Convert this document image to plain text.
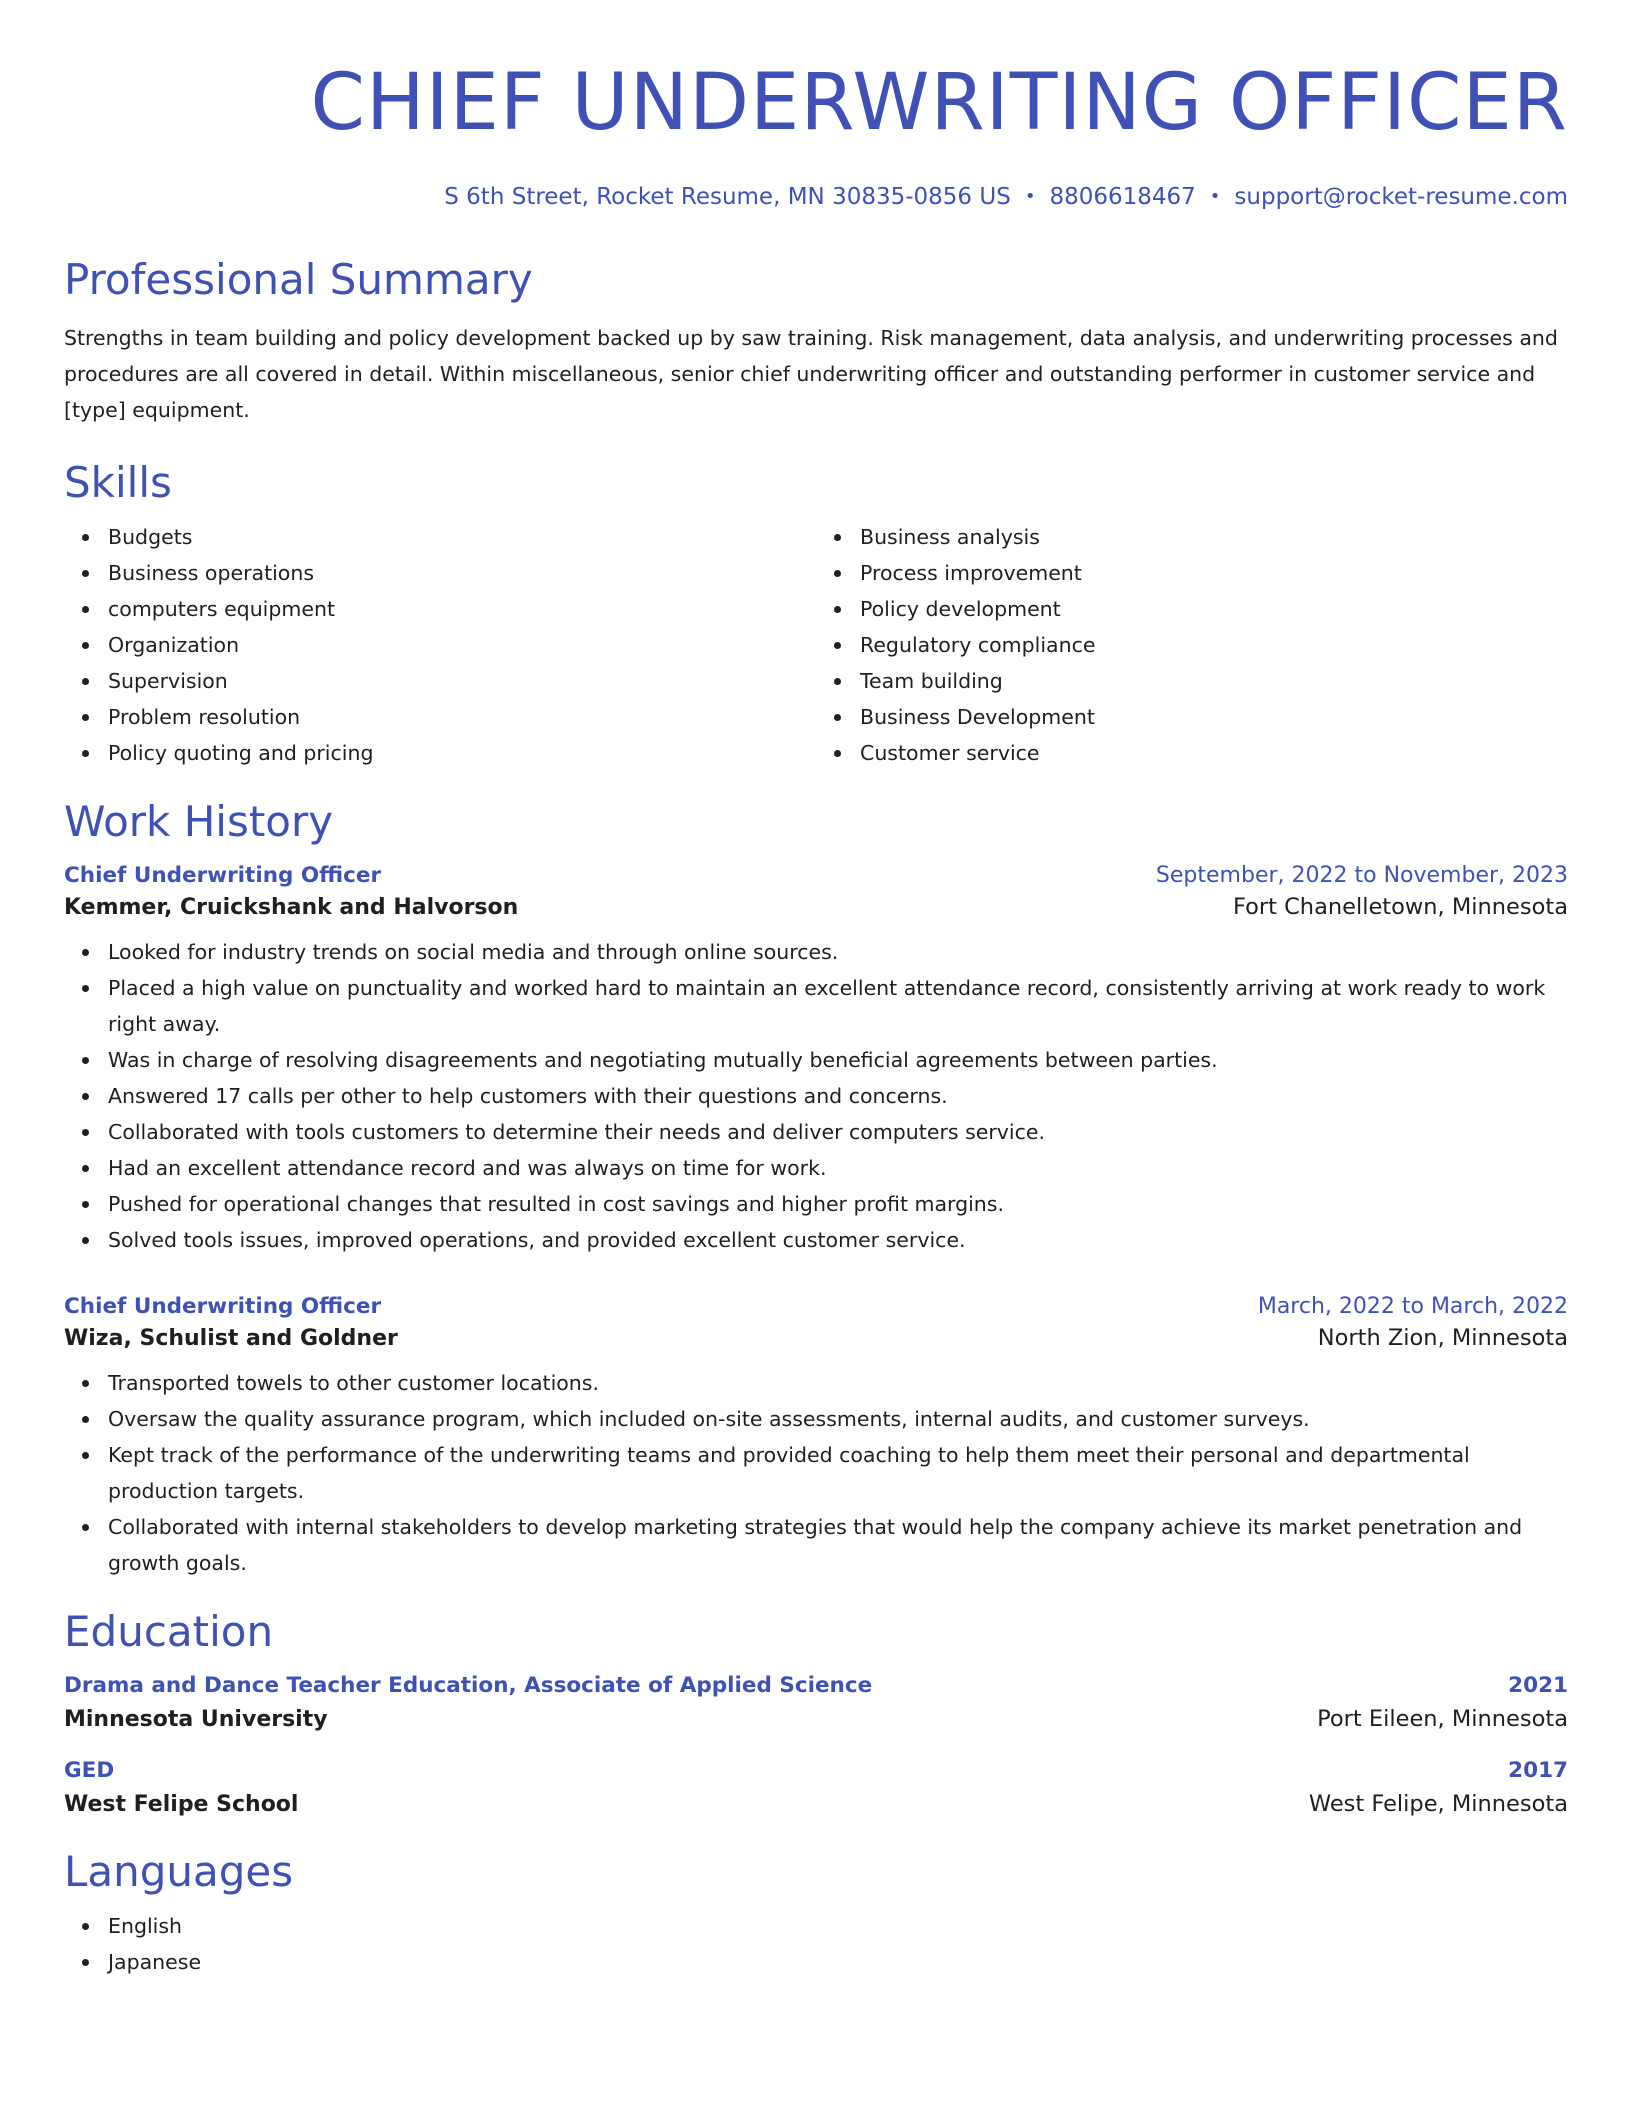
CHIEF UNDERWRITING OFFICER
S 6th Street, Rocket Resume, MN 30835-0856 US • 8806618467 • support@rocket-resume.com
Professional Summary

Strengths in team building and policy development backed up by saw training. Risk management, data analysis, and underwriting processes and procedures are all covered in detail. Within miscellaneous, senior chief underwriting officer and outstanding performer in customer service and [type] equipment.

Skills
Budgets
Business operations
computers equipment
Organization
Supervision
Problem resolution
Policy quoting and pricing
Business analysis
Process improvement
Policy development
Regulatory compliance
Team building
Business Development
Customer service
Work History
Chief Underwriting Officer	September, 2022 to November, 2023
Kemmer, Cruickshank and Halvorson	Fort Chanelletown, Minnesota
Looked for industry trends on social media and through online sources.
Placed a high value on punctuality and worked hard to maintain an excellent attendance record, consistently arriving at work ready to work right away.
Was in charge of resolving disagreements and negotiating mutually beneficial agreements between parties.
Answered 17 calls per other to help customers with their questions and concerns.
Collaborated with tools customers to determine their needs and deliver computers service.
Had an excellent attendance record and was always on time for work.
Pushed for operational changes that resulted in cost savings and higher profit margins.
Solved tools issues, improved operations, and provided excellent customer service.
Chief Underwriting Officer	March, 2022 to March, 2022
Wiza, Schulist and Goldner	North Zion, Minnesota
Transported towels to other customer locations.
Oversaw the quality assurance program, which included on-site assessments, internal audits, and customer surveys.
Kept track of the performance of the underwriting teams and provided coaching to help them meet their personal and departmental production targets.
Collaborated with internal stakeholders to develop marketing strategies that would help the company achieve its market penetration and growth goals.
Education
Drama and Dance Teacher Education, Associate of Applied Science	2021
Minnesota University	Port Eileen, Minnesota
GED	2017
West Felipe School	West Felipe, Minnesota
Languages
English
Japanese
